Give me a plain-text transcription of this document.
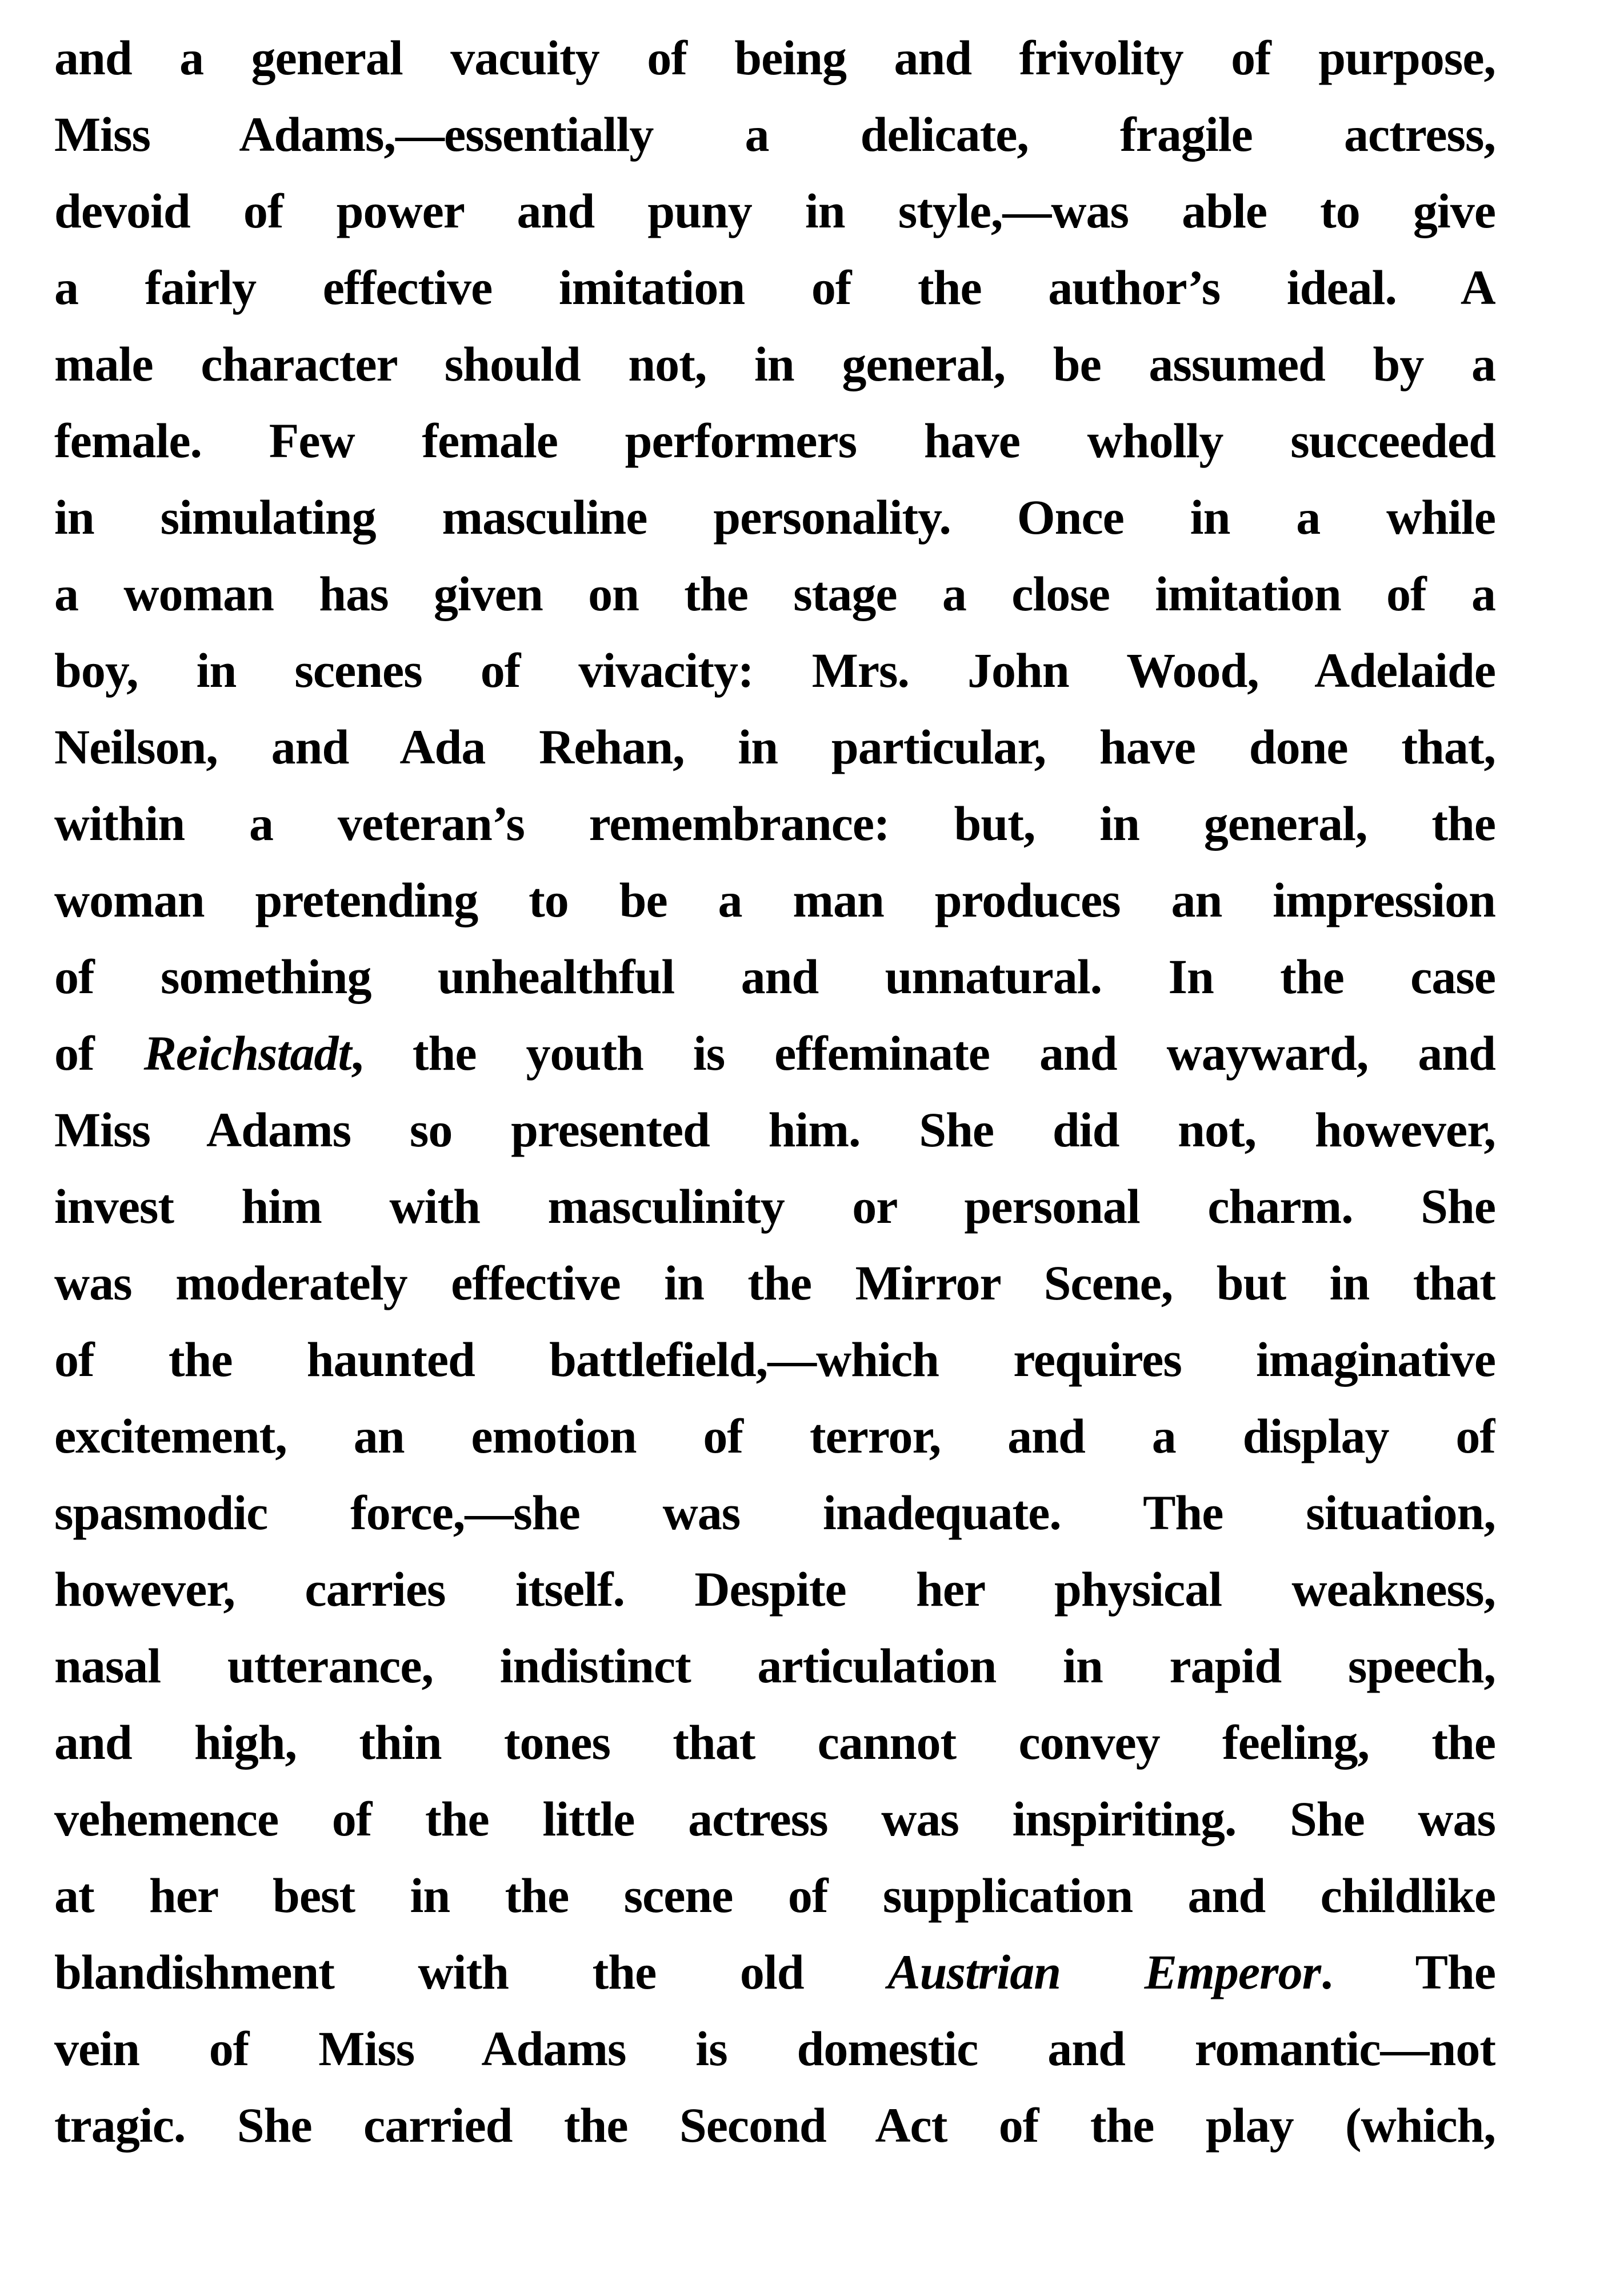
and a general vacuity of being and frivolity of purpose,
Miss Adams,—essentially a delicate, fragile actress,
devoid of power and puny in style,—was able to give
a fairly effective imitation of the author’s ideal. A
male character should not, in general, be assumed by a
female. Few female performers have wholly succeeded
in simulating masculine personality. Once in a while
a woman has given on the stage a close imitation of a
boy, in scenes of vivacity: Mrs. John Wood, Adelaide
Neilson, and Ada Rehan, in particular, have done that,
within a veteran’s remembrance: but, in general, the
woman pretending to be a man produces an impression
of something unhealthful and unnatural. In the case
of Reichstadt, the youth is effeminate and wayward, and
Miss Adams so presented him. She did not, however,
invest him with masculinity or personal charm. She
was moderately effective in the Mirror Scene, but in that
of the haunted battlefield,—which requires imaginative
excitement, an emotion of terror, and a display of
spasmodic force,—she was inadequate. The situation,
however, carries itself. Despite her physical weakness,
nasal utterance, indistinct articulation in rapid speech,
and high, thin tones that cannot convey feeling, the
vehemence of the little actress was inspiriting. She was
at her best in the scene of supplication and childlike
blandishment with the old Austrian Emperor. The
vein of Miss Adams is domestic and romantic—not
tragic. She carried the Second Act of the play (which,
